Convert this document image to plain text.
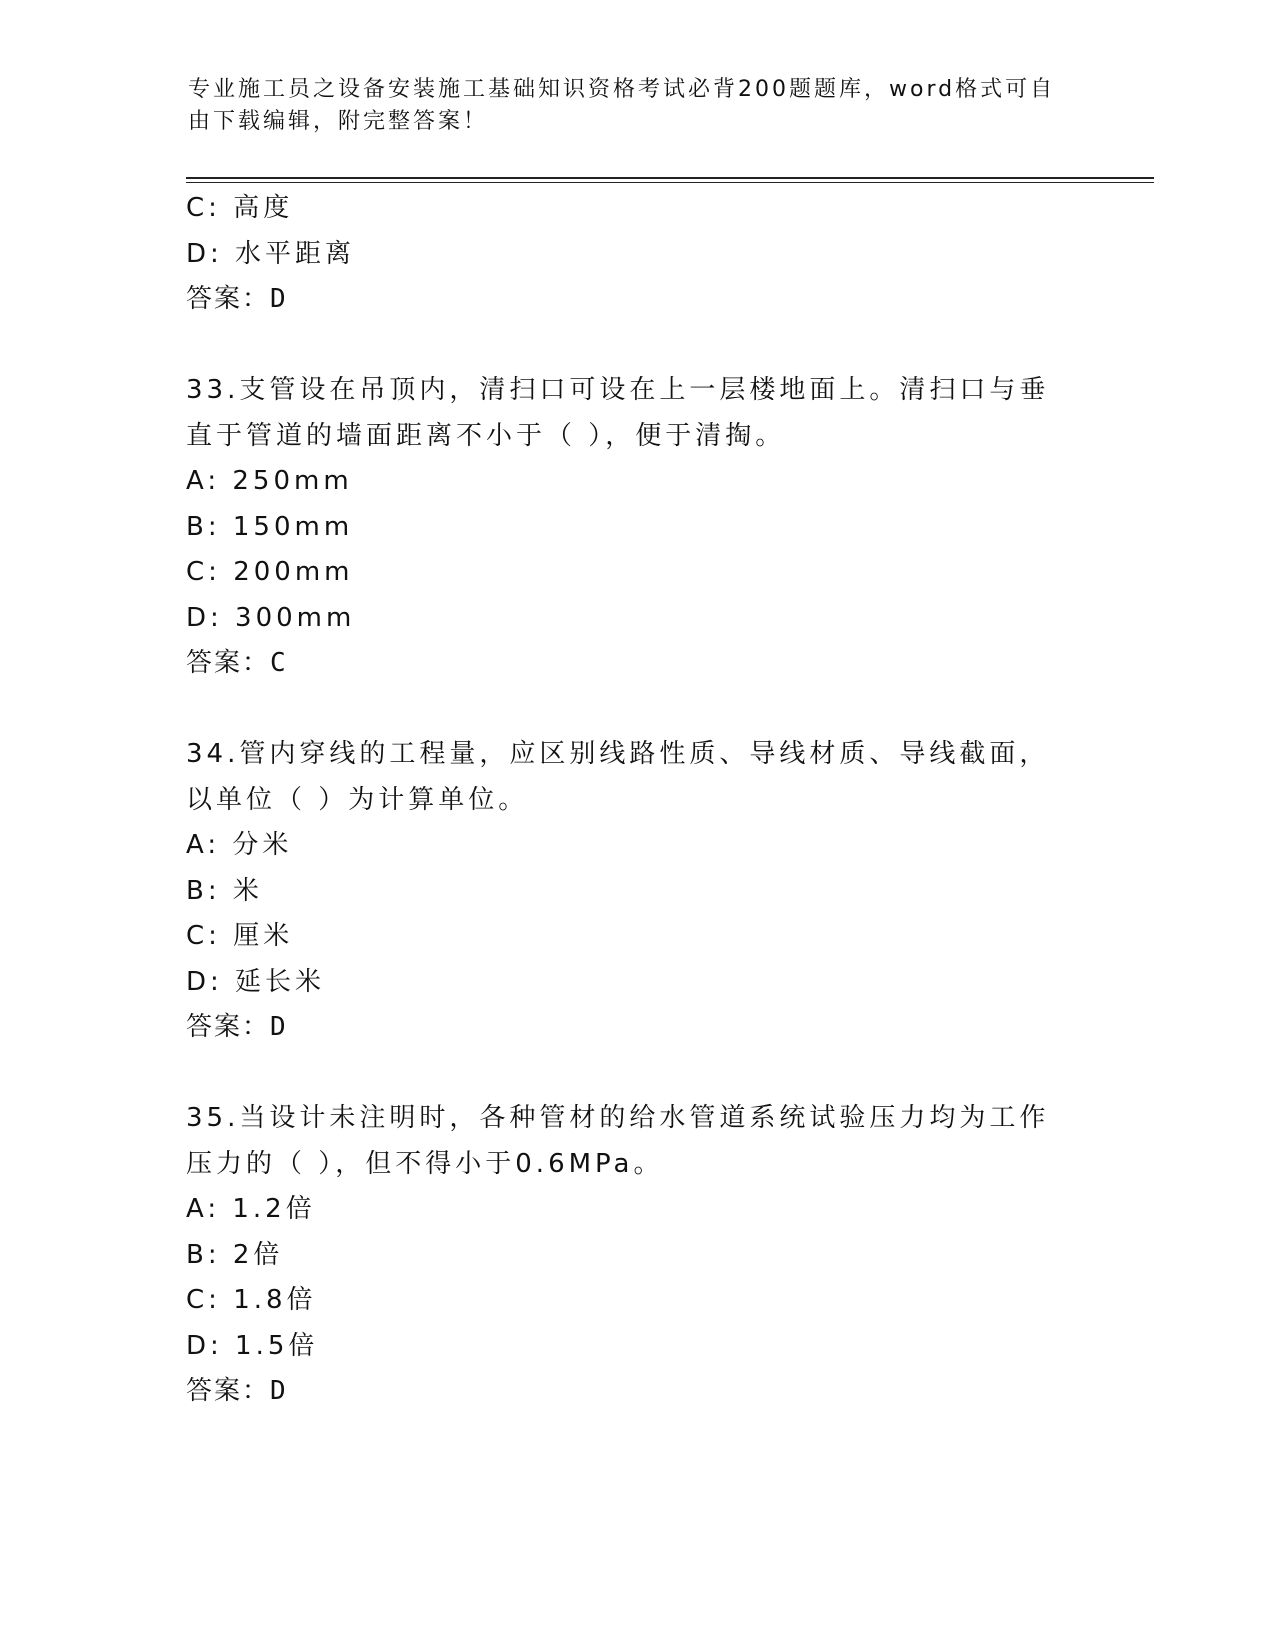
专业施工员之设备安装施工基础知识资格考试必背200题题库，word格式可自由下载编辑，附完整答案！
C: 高度
D: 水平距离
答案：D
33.支管设在吊顶内，清扫口可设在上一层楼地面上。清扫口与垂直于管道的墙面距离不小于（ ），便于清掏。
A: 250mm
B: 150mm
C: 200mm
D: 300mm
答案：C
34.管内穿线的工程量，应区别线路性质、导线材质、导线截面，以单位（ ）为计算单位。
A: 分米
B: 米
C: 厘米
D: 延长米
答案：D
35.当设计未注明时，各种管材的给水管道系统试验压力均为工作压力的（ ），但不得小于0.6MPa。
A: 1.2倍
B: 2倍
C: 1.8倍
D: 1.5倍
答案：D
